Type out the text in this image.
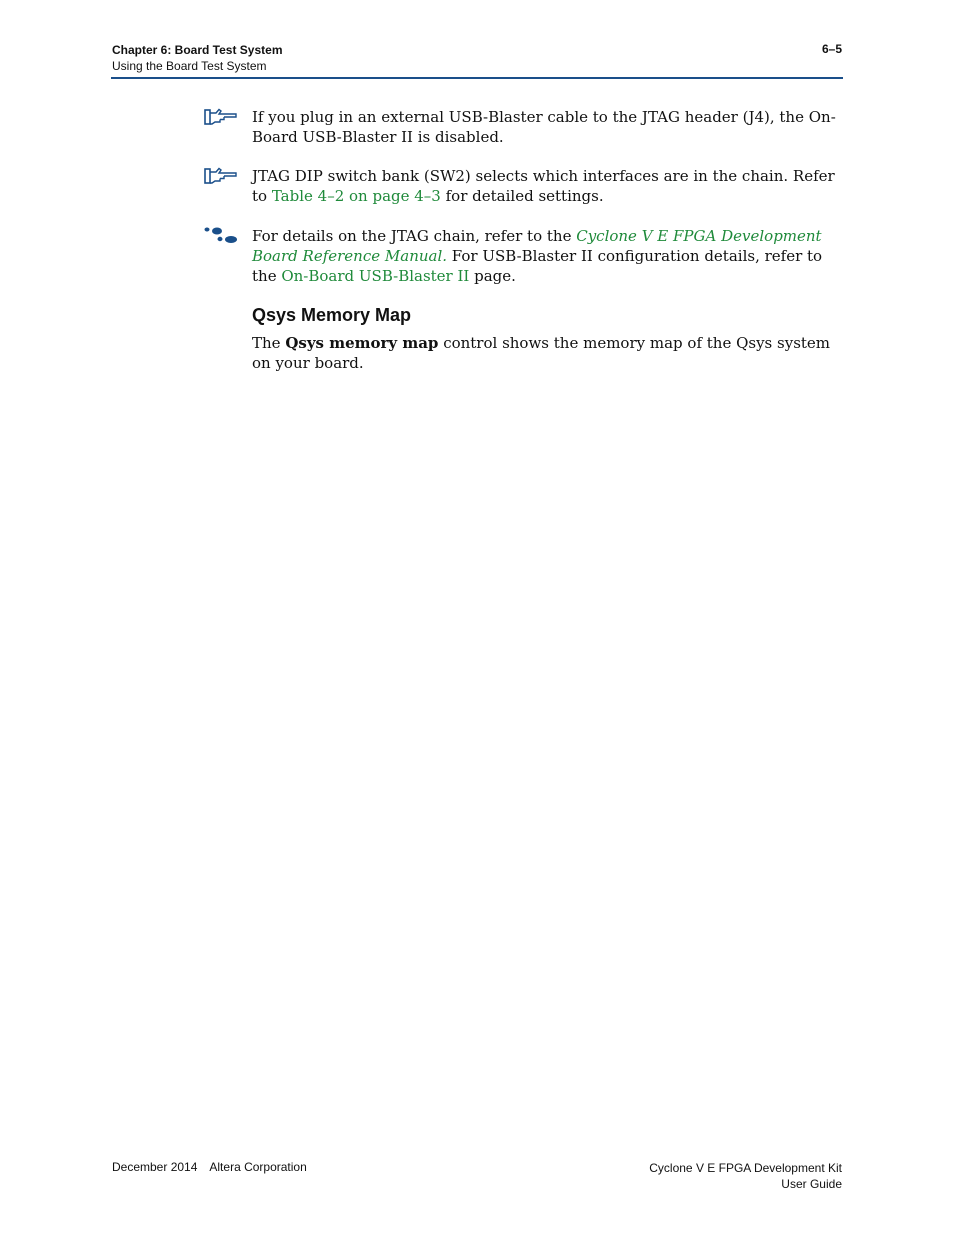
Chapter 6: Board Test System
Using the Board Test System
6–5
If you plug in an external USB-Blaster cable to the JTAG header (J4), the On-Board USB-Blaster II is disabled.
JTAG DIP switch bank (SW2) selects which interfaces are in the chain. Refer to Table 4–2 on page 4–3 for detailed settings.
For details on the JTAG chain, refer to the Cyclone V E FPGA Development Board Reference Manual. For USB-Blaster II configuration details, refer to the On-Board USB-Blaster II page.
Qsys Memory Map
The Qsys memory map control shows the memory map of the Qsys system on your board.
December 2014 Altera Corporation	Cyclone V E FPGA Development Kit
User Guide
